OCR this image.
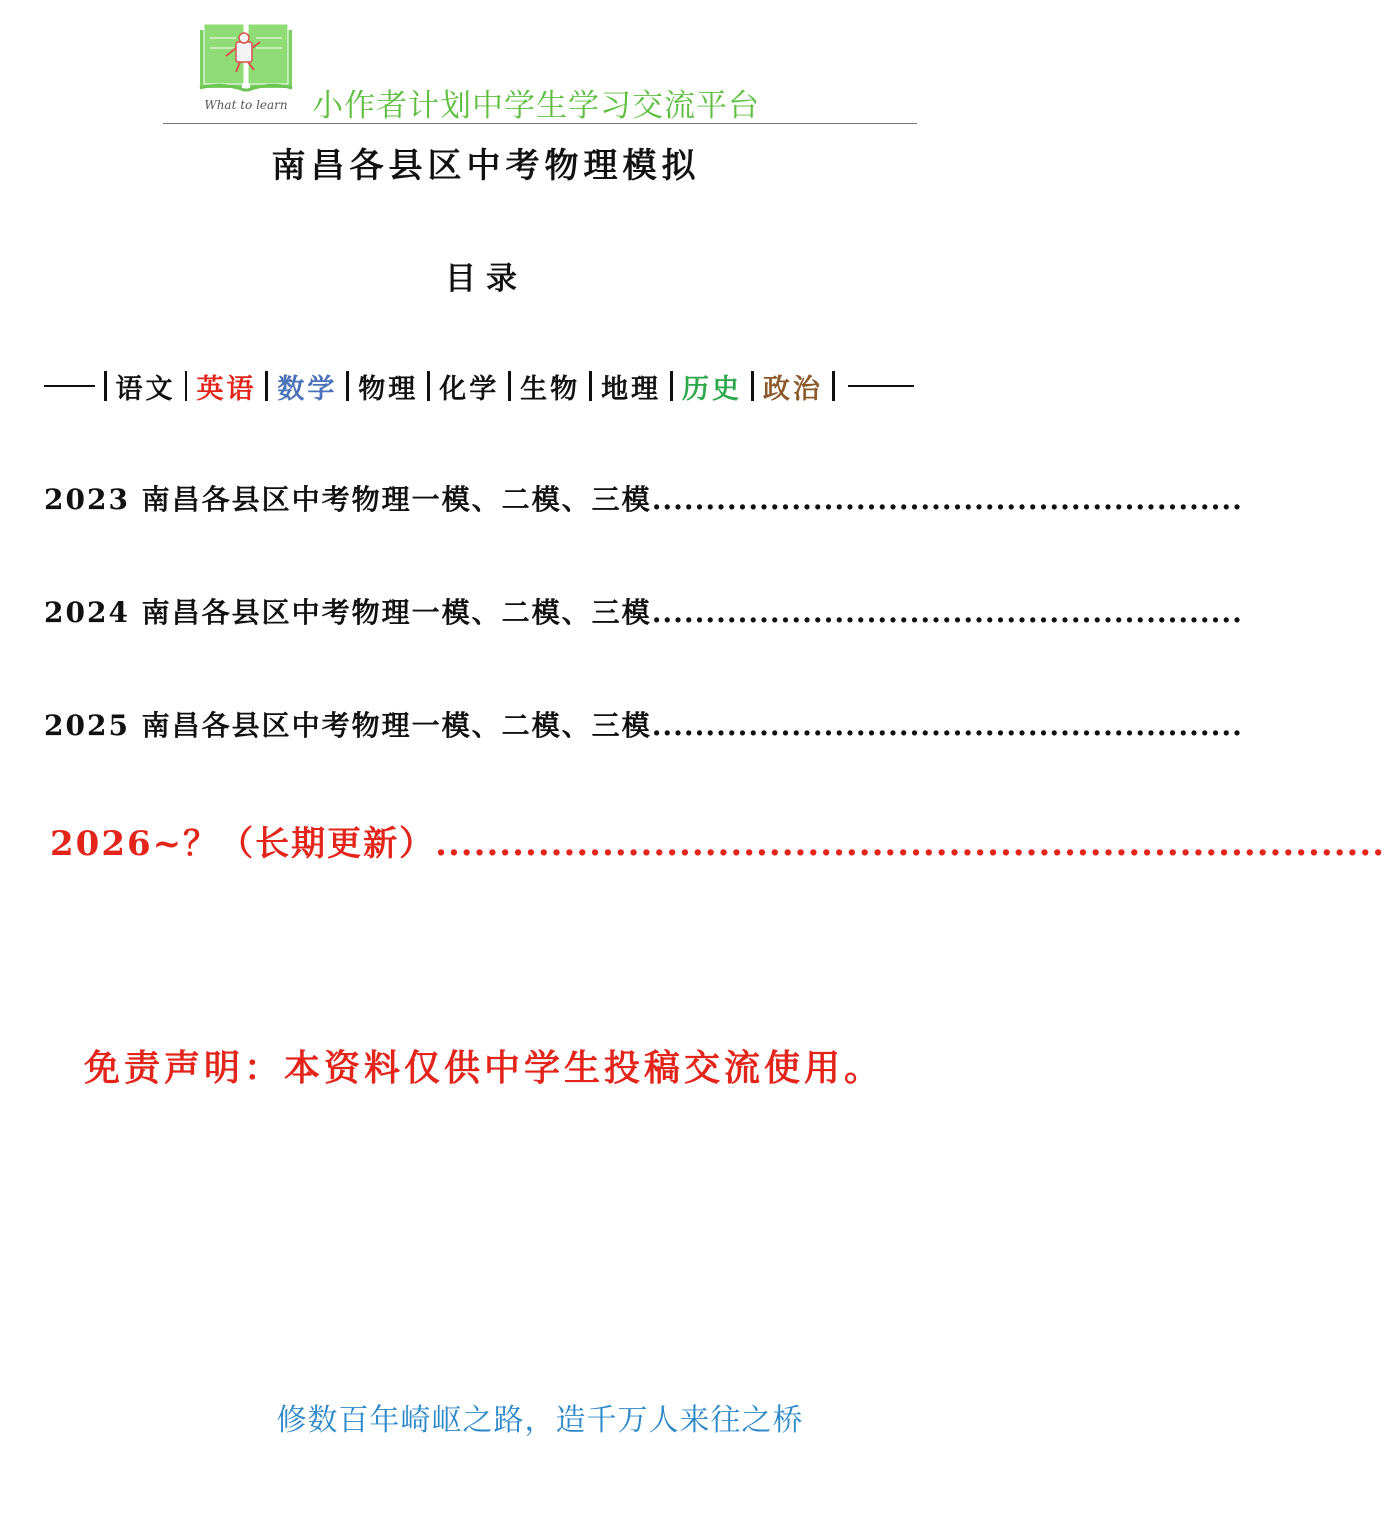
What to learn 小作者计划中学生学习交流平台
南昌各县区中考物理模拟
目录
语文 英语 数学 物理 化学 生物 地理 历史 政治
2023 南昌各县区中考物理一模、二模、三模 .......................................................
2024 南昌各县区中考物理一模、二模、三模 .......................................................
2025 南昌各县区中考物理一模、二模、三模 .......................................................
2026~？（长期更新） ..........................................................................
免责声明：本资料仅供中学生投稿交流使用。
修数百年崎岖之路，造千万人来往之桥
